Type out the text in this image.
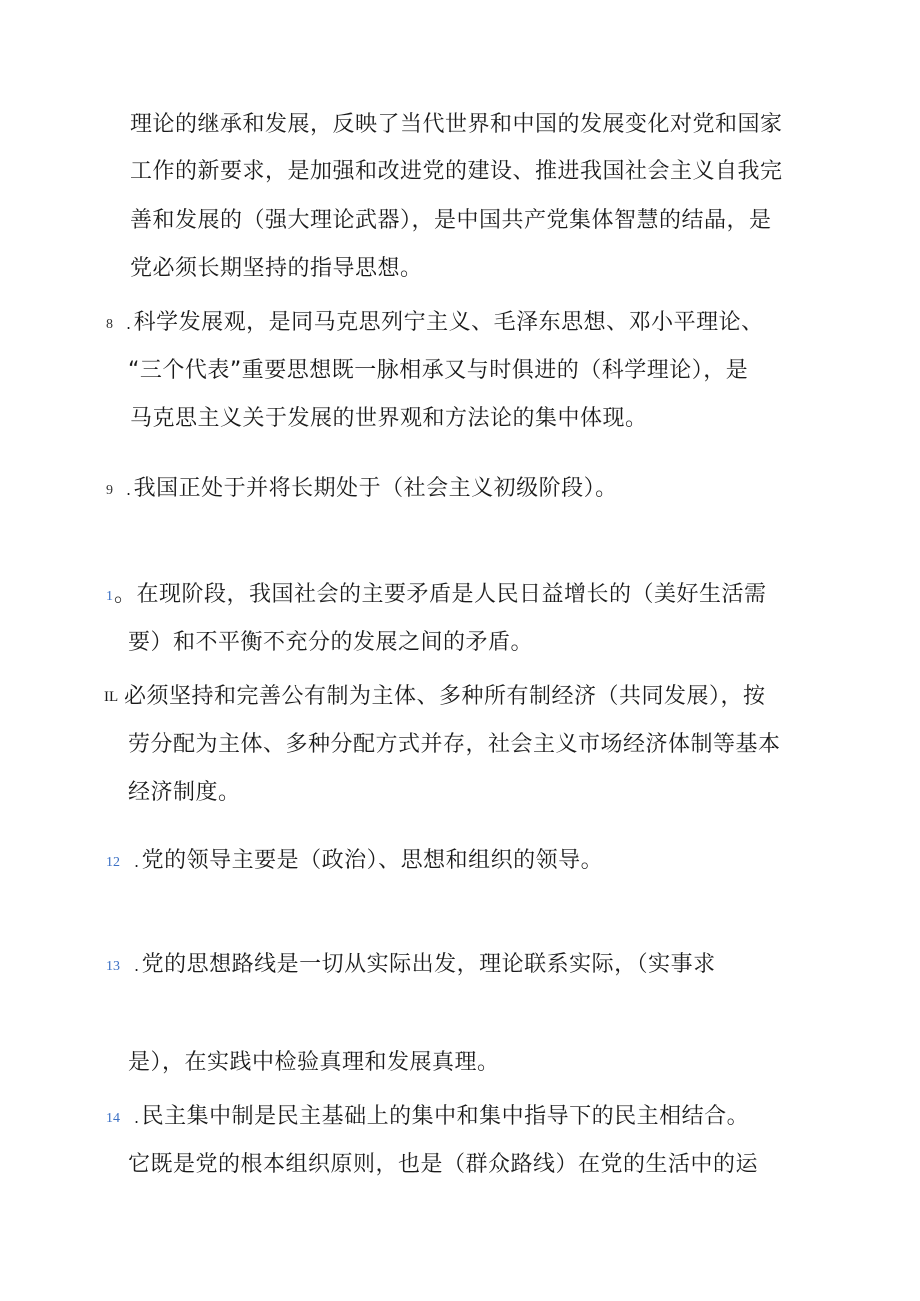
理论的继承和发展，反映了当代世界和中国的发展变化对党和国家
工作的新要求，是加强和改进党的建设、推进我国社会主义自我完
善和发展的（强大理论武器），是中国共产党集体智慧的结晶，是
党必须长期坚持的指导思想。
8 .科学发展观，是同马克思列宁主义、毛泽东思想、邓小平理论、
“三个代表”重要思想既一脉相承又与时俱进的（科学理论），是
马克思主义关于发展的世界观和方法论的集中体现。
9 .我国正处于并将长期处于（社会主义初级阶段）。
1 。在现阶段，我国社会的主要矛盾是人民日益增长的（美好生活需
要）和不平衡不充分的发展之间的矛盾。
IL 必须坚持和完善公有制为主体、多种所有制经济（共同发展），按
劳分配为主体、多种分配方式并存，社会主义市场经济体制等基本
经济制度。
12 .党的领导主要是（政治）、思想和组织的领导。
13 .党的思想路线是一切从实际出发，理论联系实际，（实事求
是），在实践中检验真理和发展真理。
14 .民主集中制是民主基础上的集中和集中指导下的民主相结合。
它既是党的根本组织原则，也是（群众路线）在党的生活中的运
